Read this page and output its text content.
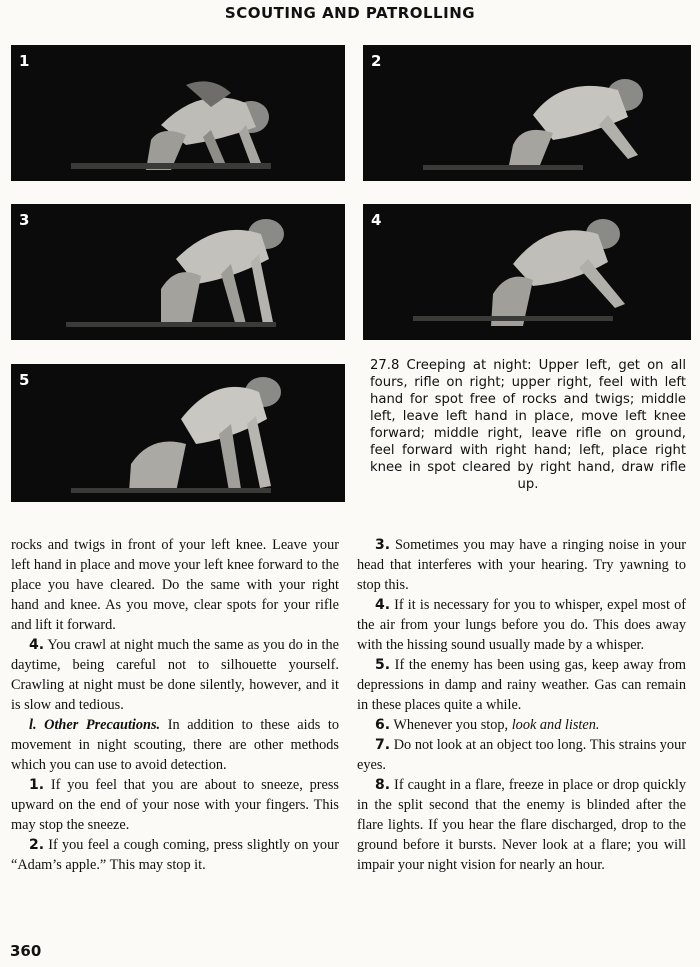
SCOUTING AND PATROLLING
1	2
3	4
5
27.8 Creeping at night: Upper left, get on all fours, rifle on right; upper right, feel with left hand for spot free of rocks and twigs; middle left, leave left hand in place, move left knee forward; middle right, leave rifle on ground, feel forward with right hand; left, place right knee in spot cleared by right hand, draw rifle up.

rocks and twigs in front of your left knee. Leave your left hand in place and move your left knee forward to the place you have cleared. Do the same with your right hand and knee. As you move, clear spots for your rifle and lift it forward.

4. You crawl at night much the same as you do in the daytime, being careful not to silhouette yourself. Crawling at night must be done silently, however, and it is slow and tedious.

l. Other Precautions. In addition to these aids to movement in night scouting, there are other methods which you can use to avoid detection.

1. If you feel that you are about to sneeze, press upward on the end of your nose with your fingers. This may stop the sneeze.

2. If you feel a cough coming, press slightly on your “Adam’s apple.” This may stop it.

3. Sometimes you may have a ringing noise in your head that interferes with your hearing. Try yawning to stop this.

4. If it is necessary for you to whisper, expel most of the air from your lungs before you do. This does away with the hissing sound usually made by a whisper.

5. If the enemy has been using gas, keep away from depressions in damp and rainy weather. Gas can remain in these places quite a while.

6. Whenever you stop, look and listen.

7. Do not look at an object too long. This strains your eyes.

8. If caught in a flare, freeze in place or drop quickly in the split second that the enemy is blinded after the flare lights. If you hear the flare discharged, drop to the ground before it bursts. Never look at a flare; you will impair your night vision for nearly an hour.

360
